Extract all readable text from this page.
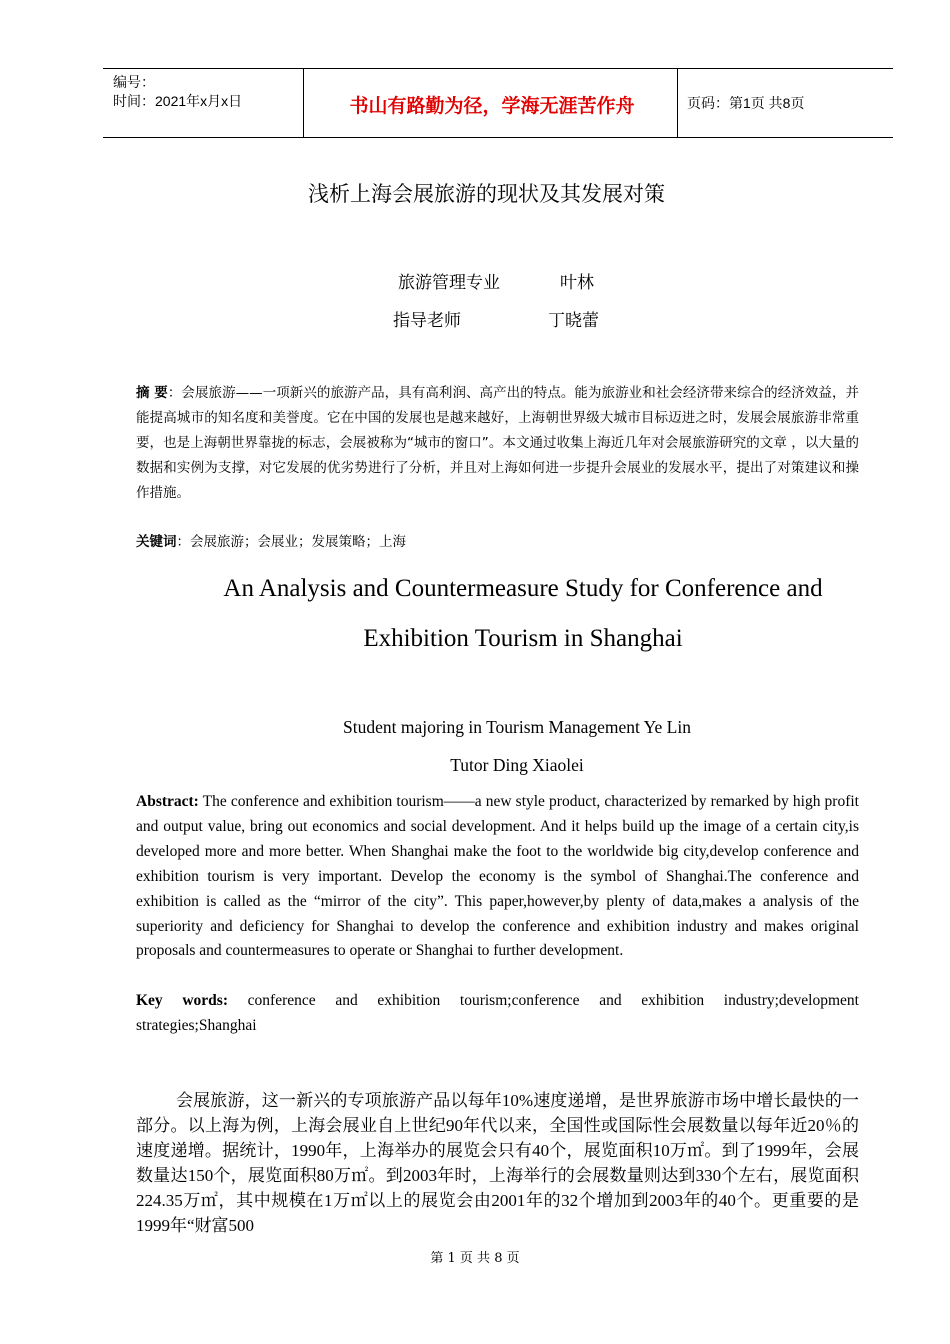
编号：
时间：2021年x月x日	书山有路勤为径，学海无涯苦作舟	页码：第1页 共8页
浅析上海会展旅游的现状及其发展对策
旅游管理专业	叶林
指导老师	丁晓蕾
摘 要：会展旅游——一项新兴的旅游产品，具有高利润、高产出的特点。能为旅游业和社会经济带来综合的经济效益，并能提高城市的知名度和美誉度。它在中国的发展也是越来越好，上海朝世界级大城市目标迈进之时，发展会展旅游非常重要，也是上海朝世界靠拢的标志，会展被称为“城市的窗口”。本文通过收集上海近几年对会展旅游研究的文章 ，以大量的数据和实例为支撑，对它发展的优劣势进行了分析，并且对上海如何进一步提升会展业的发展水平，提出了对策建议和操作措施。
关键词：会展旅游；会展业；发展策略；上海
An Analysis and Countermeasure Study for Conference and
Exhibition Tourism in Shanghai
Student majoring in Tourism Management Ye Lin
Tutor Ding Xiaolei
Abstract: The conference and exhibition tourism——a new style product, characterized by remarked by high profit and output value, bring out economics and social development. And it helps build up the image of a certain city,is developed more and more better. When Shanghai make the foot to the worldwide big city,develop conference and exhibition tourism is very important. Develop the economy is the symbol of Shanghai.The conference and exhibition is called as the “mirror of the city”. This paper,however,by plenty of data,makes a analysis of the superiority and deficiency for Shanghai to develop the conference and exhibition industry and makes original proposals and countermeasures to operate or Shanghai to further development.
Key words: conference and exhibition tourism;conference and exhibition industry;development
strategies;Shanghai
会展旅游，这一新兴的专项旅游产品以每年10%速度递增，是世界旅游市场中增长最快的一部分。以上海为例，上海会展业自上世纪90年代以来，全国性或国际性会展数量以每年近20％的速度递增。据统计，1990年，上海举办的展览会只有40个，展览面积10万㎡。到了1999年，会展数量达150个，展览面积80万㎡。到2003年时，上海举行的会展数量则达到330个左右，展览面积224.35万㎡，其中规模在1万㎡以上的展览会由2001年的32个增加到2003年的40个。更重要的是1999年“财富500
第 1 页 共 8 页
